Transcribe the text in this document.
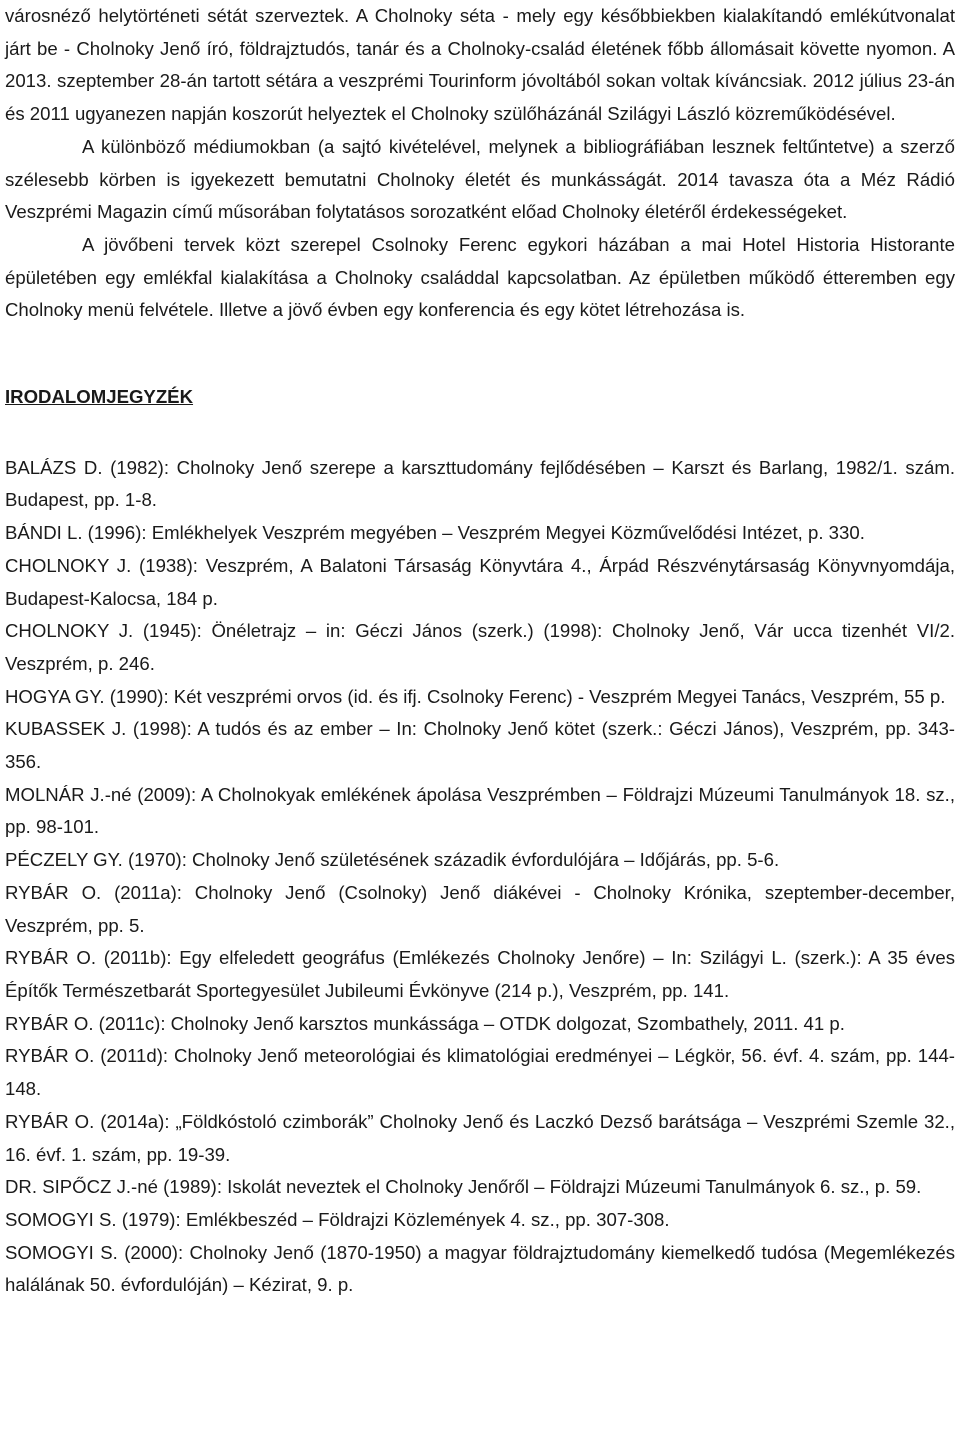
városnéző helytörténeti sétát szerveztek. A Cholnoky séta - mely egy későbbiekben kialakítandó emlékútvonalat járt be - Cholnoky Jenő író, földrajztudós, tanár és a Cholnoky-család életének főbb állomásait követte nyomon. A 2013. szeptember 28-án tartott sétára a veszprémi Tourinform jóvoltából sokan voltak kíváncsiak. 2012 július 23-án és 2011 ugyanezen napján koszorút helyeztek el Cholnoky szülőházánál Szilágyi László közreműködésével.

A különböző médiumokban (a sajtó kivételével, melynek a bibliográfiában lesznek feltűntetve) a szerző szélesebb körben is igyekezett bemutatni Cholnoky életét és munkásságát. 2014 tavasza óta a Méz Rádió Veszprémi Magazin című műsorában folytatásos sorozatként előad Cholnoky életéről érdekességeket.

A jövőbeni tervek közt szerepel Csolnoky Ferenc egykori házában a mai Hotel Historia Historante épületében egy emlékfal kialakítása a Cholnoky családdal kapcsolatban. Az épületben működő étteremben egy Cholnoky menü felvétele. Illetve a jövő évben egy konferencia és egy kötet létrehozása is.

IRODALOMJEGYZÉK
BALÁZS D. (1982): Cholnoky Jenő szerepe a karszttudomány fejlődésében – Karszt és Barlang, 1982/1. szám. Budapest, pp. 1-8.
BÁNDI L. (1996): Emlékhelyek Veszprém megyében – Veszprém Megyei Közművelődési Intézet, p. 330.
CHOLNOKY J. (1938): Veszprém, A Balatoni Társaság Könyvtára 4., Árpád Részvénytársaság Könyvnyomdája, Budapest-Kalocsa, 184 p.
CHOLNOKY J. (1945): Önéletrajz – in: Géczi János (szerk.) (1998): Cholnoky Jenő, Vár ucca tizenhét VI/2. Veszprém, p. 246.
HOGYA GY. (1990): Két veszprémi orvos (id. és ifj. Csolnoky Ferenc) - Veszprém Megyei Tanács, Veszprém, 55 p.
KUBASSEK J. (1998): A tudós és az ember – In: Cholnoky Jenő kötet (szerk.: Géczi János), Veszprém, pp. 343-356.
MOLNÁR J.-né (2009): A Cholnokyak emlékének ápolása Veszprémben – Földrajzi Múzeumi Tanulmányok 18. sz., pp. 98-101.
PÉCZELY GY. (1970): Cholnoky Jenő születésének századik évfordulójára – Időjárás, pp. 5-6.
RYBÁR O. (2011a): Cholnoky Jenő (Csolnoky) Jenő diákévei - Cholnoky Krónika, szeptember-december, Veszprém, pp. 5.
RYBÁR O. (2011b): Egy elfeledett geográfus (Emlékezés Cholnoky Jenőre) – In: Szilágyi L. (szerk.): A 35 éves Építők Természetbarát Sportegyesület Jubileumi Évkönyve (214 p.), Veszprém, pp. 141.
RYBÁR O. (2011c): Cholnoky Jenő karsztos munkássága – OTDK dolgozat, Szombathely, 2011. 41 p.
RYBÁR O. (2011d): Cholnoky Jenő meteorológiai és klimatológiai eredményei – Légkör, 56. évf. 4. szám, pp. 144-148.
RYBÁR O. (2014a): „Földkóstoló czimborák” Cholnoky Jenő és Laczkó Dezső barátsága – Veszprémi Szemle 32., 16. évf. 1. szám, pp. 19-39.
DR. SIPŐCZ J.-né (1989): Iskolát neveztek el Cholnoky Jenőről – Földrajzi Múzeumi Tanulmányok 6. sz., p. 59.
SOMOGYI S. (1979): Emlékbeszéd – Földrajzi Közlemények 4. sz., pp. 307-308.
SOMOGYI S. (2000): Cholnoky Jenő (1870-1950) a magyar földrajztudomány kiemelkedő tudósa (Megemlékezés halálának 50. évfordulóján) – Kézirat, 9. p.
